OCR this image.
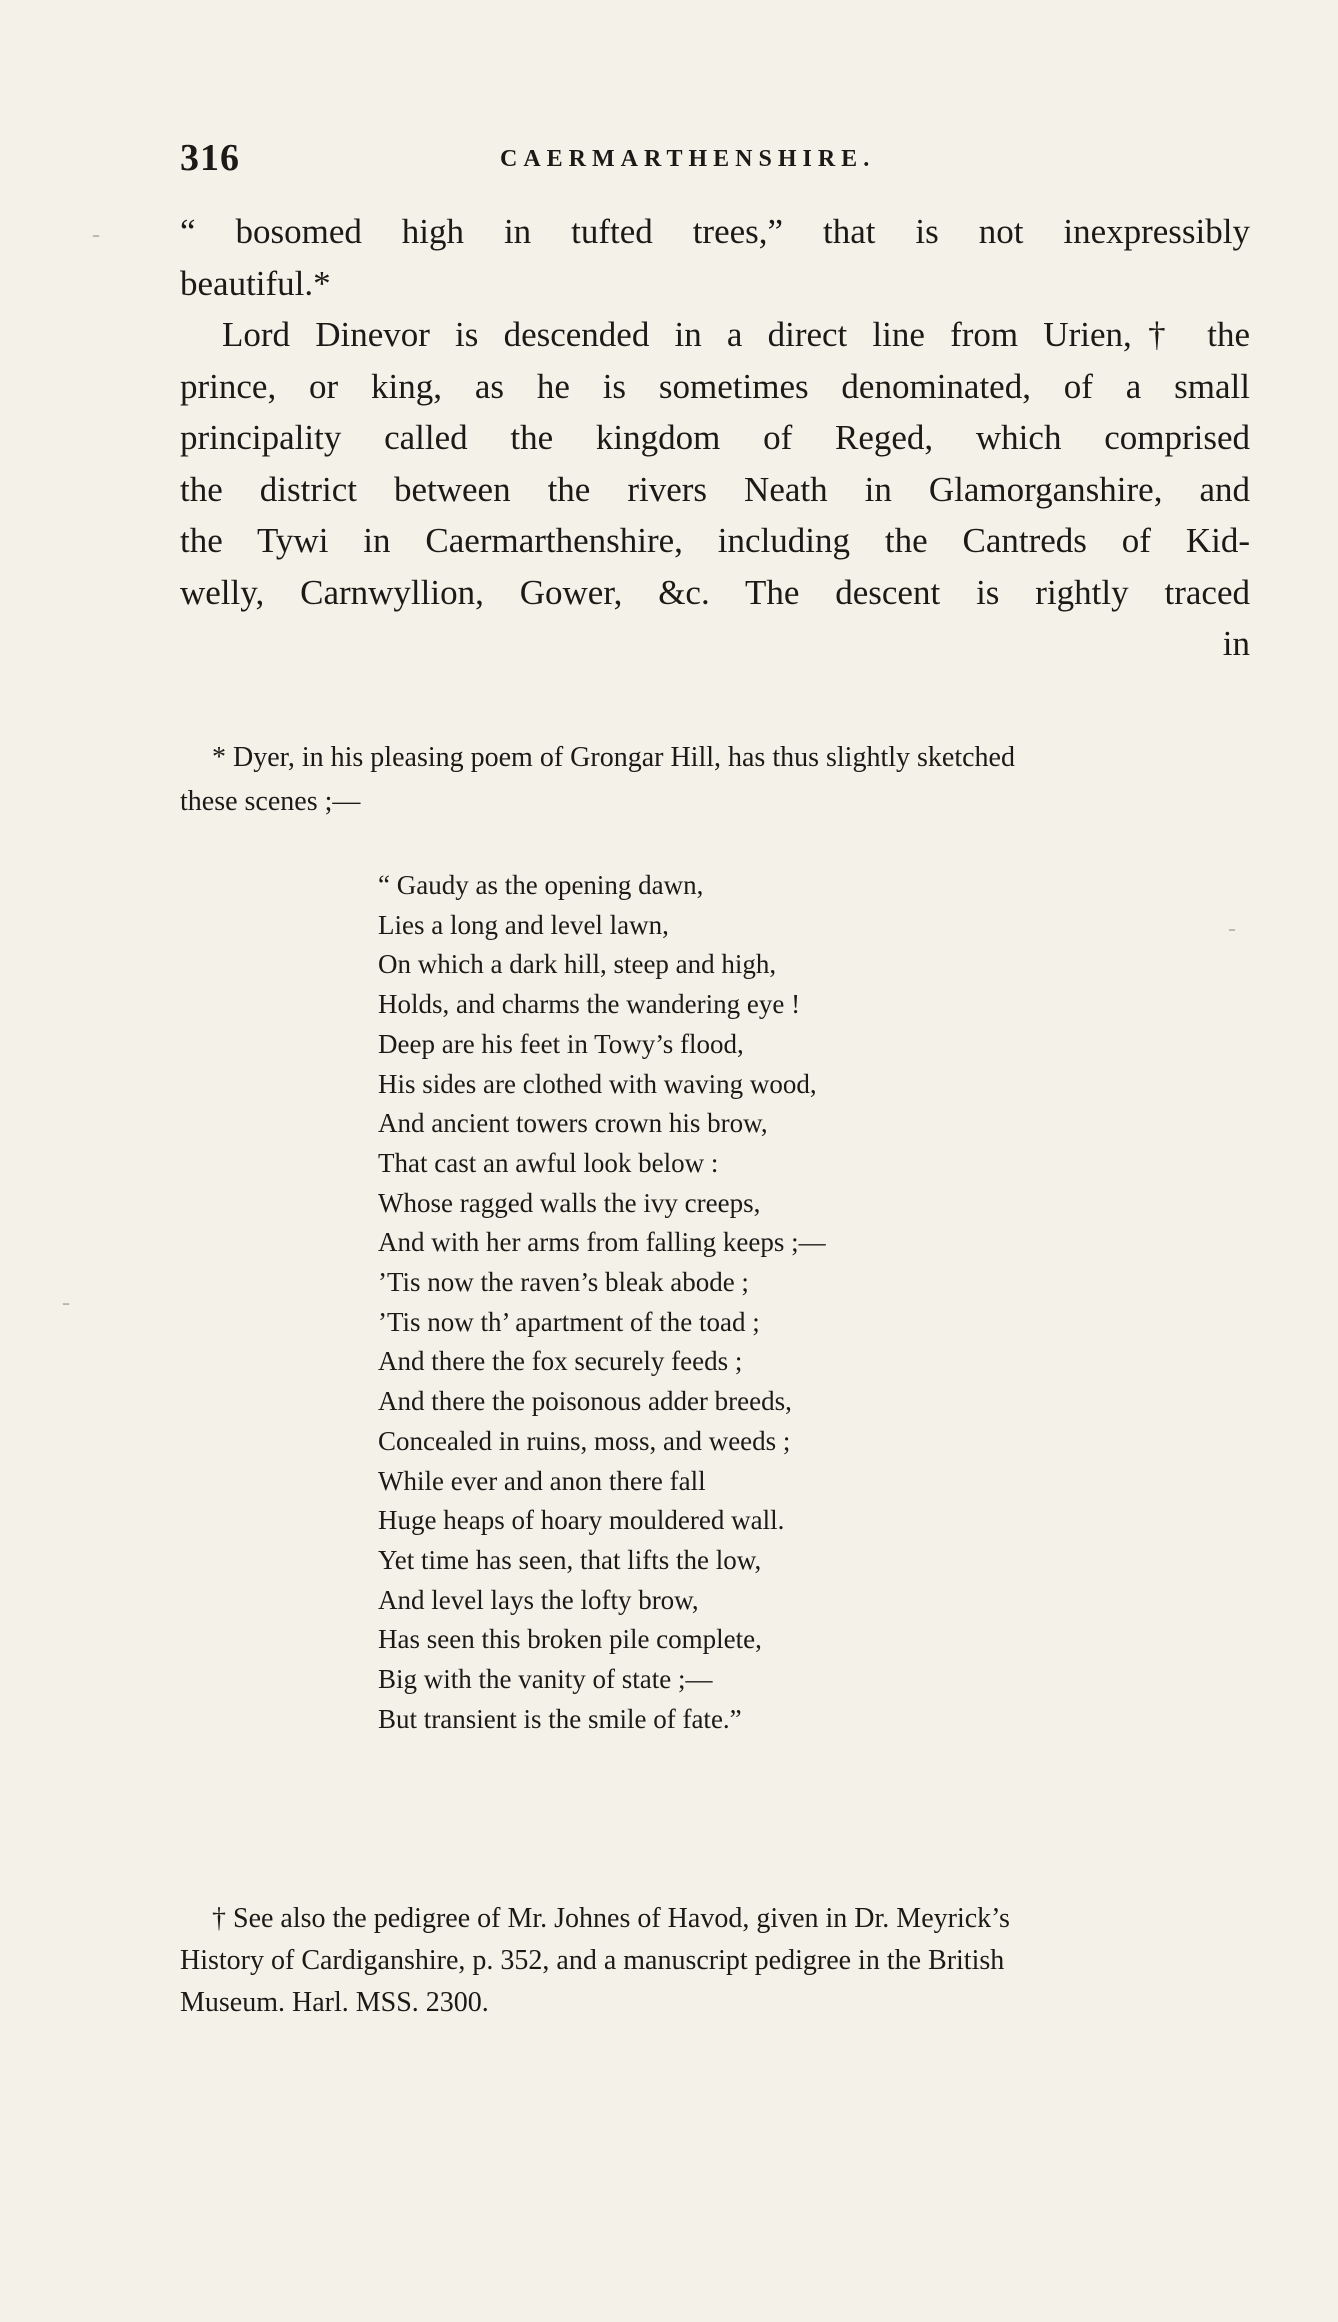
316	CAERMARTHENSHIRE.
“ bosomed high in tufted trees,” that is not inexpressibly
beautiful.*
Lord Dinevor is descended in a direct line from Urien,† the
prince, or king, as he is sometimes denominated, of a small
principality called the kingdom of Reged, which comprised
the district between the rivers Neath in Glamorganshire, and
the Tywi in Caermarthenshire, including the Cantreds of Kid-
welly, Carnwyllion, Gower, &c. The descent is rightly traced
in
* Dyer, in his pleasing poem of Grongar Hill, has thus slightly sketched
these scenes ;—
“ Gaudy as the opening dawn,
Lies a long and level lawn,
On which a dark hill, steep and high,
Holds, and charms the wandering eye !
Deep are his feet in Towy’s flood,
His sides are clothed with waving wood,
And ancient towers crown his brow,
That cast an awful look below :
Whose ragged walls the ivy creeps,
And with her arms from falling keeps ;—
’Tis now the raven’s bleak abode ;
’Tis now th’ apartment of the toad ;
And there the fox securely feeds ;
And there the poisonous adder breeds,
Concealed in ruins, moss, and weeds ;
While ever and anon there fall
Huge heaps of hoary mouldered wall.
Yet time has seen, that lifts the low,
And level lays the lofty brow,
Has seen this broken pile complete,
Big with the vanity of state ;—
But transient is the smile of fate.”
† See also the pedigree of Mr. Johnes of Havod, given in Dr. Meyrick’s
History of Cardiganshire, p. 352, and a manuscript pedigree in the British
Museum. Harl. MSS. 2300.
-
-
-
